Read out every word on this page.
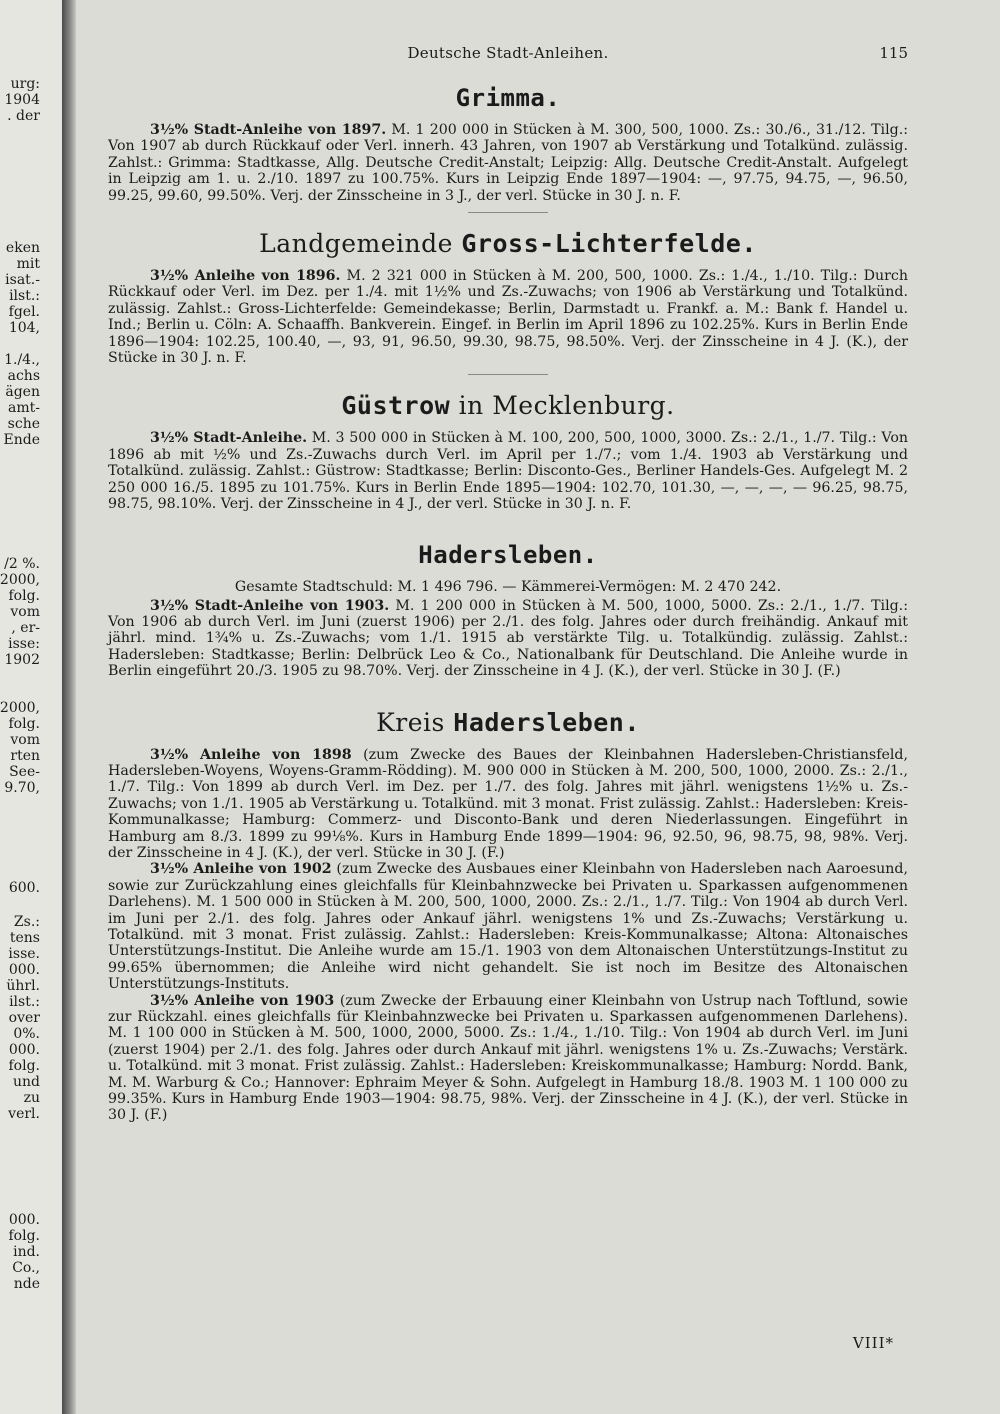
urg:
1904
. der
eken
mit
isat.-
ilst.:
fgel.
104,
1./4.,
achs
ägen
amt-
sche
Ende
/2 %.
2000,
folg.
vom
, er-
isse:
1902
2000,
folg.
vom
rten
See-
9.70,
600.
Zs.:
tens
isse.
000.
ührl.
ilst.:
over
0%.
000.
folg.
und
zu
verl.
000.
folg.
ind.
Co.,
nde
Deutsche Stadt-Anleihen.	115
Grimma.

3½% Stadt-Anleihe von 1897. M. 1 200 000 in Stücken à M. 300, 500, 1000. Zs.: 30./6., 31./12. Tilg.: Von 1907 ab durch Rückkauf oder Verl. innerh. 43 Jahren, von 1907 ab Verstärkung und Totalkünd. zulässig. Zahlst.: Grimma: Stadtkasse, Allg. Deutsche Credit-Anstalt; Leipzig: Allg. Deutsche Credit-Anstalt. Aufgelegt in Leipzig am 1. u. 2./10. 1897 zu 100.75%. Kurs in Leipzig Ende 1897—1904: —, 97.75, 94.75, —, 96.50, 99.25, 99.60, 99.50%. Verj. der Zinsscheine in 3 J., der verl. Stücke in 30 J. n. F.

Landgemeinde Gross-Lichterfelde.

3½% Anleihe von 1896. M. 2 321 000 in Stücken à M. 200, 500, 1000. Zs.: 1./4., 1./10. Tilg.: Durch Rückkauf oder Verl. im Dez. per 1./4. mit 1½% und Zs.-Zuwachs; von 1906 ab Verstärkung und Totalkünd. zulässig. Zahlst.: Gross-Lichterfelde: Gemeindekasse; Berlin, Darmstadt u. Frankf. a. M.: Bank f. Handel u. Ind.; Berlin u. Cöln: A. Schaaffh. Bankverein. Eingef. in Berlin im April 1896 zu 102.25%. Kurs in Berlin Ende 1896—1904: 102.25, 100.40, —, 93, 91, 96.50, 99.30, 98.75, 98.50%. Verj. der Zinsscheine in 4 J. (K.), der Stücke in 30 J. n. F.

Güstrow in Mecklenburg.

3½% Stadt-Anleihe. M. 3 500 000 in Stücken à M. 100, 200, 500, 1000, 3000. Zs.: 2./1., 1./7. Tilg.: Von 1896 ab mit ½% und Zs.-Zuwachs durch Verl. im April per 1./7.; vom 1./4. 1903 ab Verstärkung und Totalkünd. zulässig. Zahlst.: Güstrow: Stadtkasse; Berlin: Disconto-Ges., Berliner Handels-Ges. Aufgelegt M. 2 250 000 16./5. 1895 zu 101.75%. Kurs in Berlin Ende 1895—1904: 102.70, 101.30, —, —, —, — 96.25, 98.75, 98.75, 98.10%. Verj. der Zinsscheine in 4 J., der verl. Stücke in 30 J. n. F.

Hadersleben.

Gesamte Stadtschuld: M. 1 496 796. — Kämmerei-Vermögen: M. 2 470 242.

3½% Stadt-Anleihe von 1903. M. 1 200 000 in Stücken à M. 500, 1000, 5000. Zs.: 2./1., 1./7. Tilg.: Von 1906 ab durch Verl. im Juni (zuerst 1906) per 2./1. des folg. Jahres oder durch freihändig. Ankauf mit jährl. mind. 1¾% u. Zs.-Zuwachs; vom 1./1. 1915 ab verstärkte Tilg. u. Totalkündig. zulässig. Zahlst.: Hadersleben: Stadtkasse; Berlin: Delbrück Leo & Co., Nationalbank für Deutschland. Die Anleihe wurde in Berlin eingeführt 20./3. 1905 zu 98.70%. Verj. der Zinsscheine in 4 J. (K.), der verl. Stücke in 30 J. (F.)

Kreis Hadersleben.

3½% Anleihe von 1898 (zum Zwecke des Baues der Kleinbahnen Hadersleben-Christiansfeld, Hadersleben-Woyens, Woyens-Gramm-Rödding). M. 900 000 in Stücken à M. 200, 500, 1000, 2000. Zs.: 2./1., 1./7. Tilg.: Von 1899 ab durch Verl. im Dez. per 1./7. des folg. Jahres mit jährl. wenigstens 1½% u. Zs.-Zuwachs; von 1./1. 1905 ab Verstärkung u. Totalkünd. mit 3 monat. Frist zulässig. Zahlst.: Hadersleben: Kreis-Kommunalkasse; Hamburg: Commerz- und Disconto-Bank und deren Niederlassungen. Eingeführt in Hamburg am 8./3. 1899 zu 99⅛%. Kurs in Hamburg Ende 1899—1904: 96, 92.50, 96, 98.75, 98, 98%. Verj. der Zinsscheine in 4 J. (K.), der verl. Stücke in 30 J. (F.)

3½% Anleihe von 1902 (zum Zwecke des Ausbaues einer Kleinbahn von Hadersleben nach Aaroesund, sowie zur Zurückzahlung eines gleichfalls für Kleinbahnzwecke bei Privaten u. Sparkassen aufgenommenen Darlehens). M. 1 500 000 in Stücken à M. 200, 500, 1000, 2000. Zs.: 2./1., 1./7. Tilg.: Von 1904 ab durch Verl. im Juni per 2./1. des folg. Jahres oder Ankauf jährl. wenigstens 1% und Zs.-Zuwachs; Verstärkung u. Totalkünd. mit 3 monat. Frist zulässig. Zahlst.: Hadersleben: Kreis-Kommunalkasse; Altona: Altonaisches Unterstützungs-Institut. Die Anleihe wurde am 15./1. 1903 von dem Altonaischen Unterstützungs-Institut zu 99.65% übernommen; die Anleihe wird nicht gehandelt. Sie ist noch im Besitze des Altonaischen Unterstützungs-Instituts.

3½% Anleihe von 1903 (zum Zwecke der Erbauung einer Kleinbahn von Ustrup nach Toftlund, sowie zur Rückzahl. eines gleichfalls für Kleinbahnzwecke bei Privaten u. Sparkassen aufgenommenen Darlehens). M. 1 100 000 in Stücken à M. 500, 1000, 2000, 5000. Zs.: 1./4., 1./10. Tilg.: Von 1904 ab durch Verl. im Juni (zuerst 1904) per 2./1. des folg. Jahres oder durch Ankauf mit jährl. wenigstens 1% u. Zs.-Zuwachs; Verstärk. u. Totalkünd. mit 3 monat. Frist zulässig. Zahlst.: Hadersleben: Kreiskommunalkasse; Hamburg: Nordd. Bank, M. M. Warburg & Co.; Hannover: Ephraim Meyer & Sohn. Aufgelegt in Hamburg 18./8. 1903 M. 1 100 000 zu 99.35%. Kurs in Hamburg Ende 1903—1904: 98.75, 98%. Verj. der Zinsscheine in 4 J. (K.), der verl. Stücke in 30 J. (F.)

VIII*
